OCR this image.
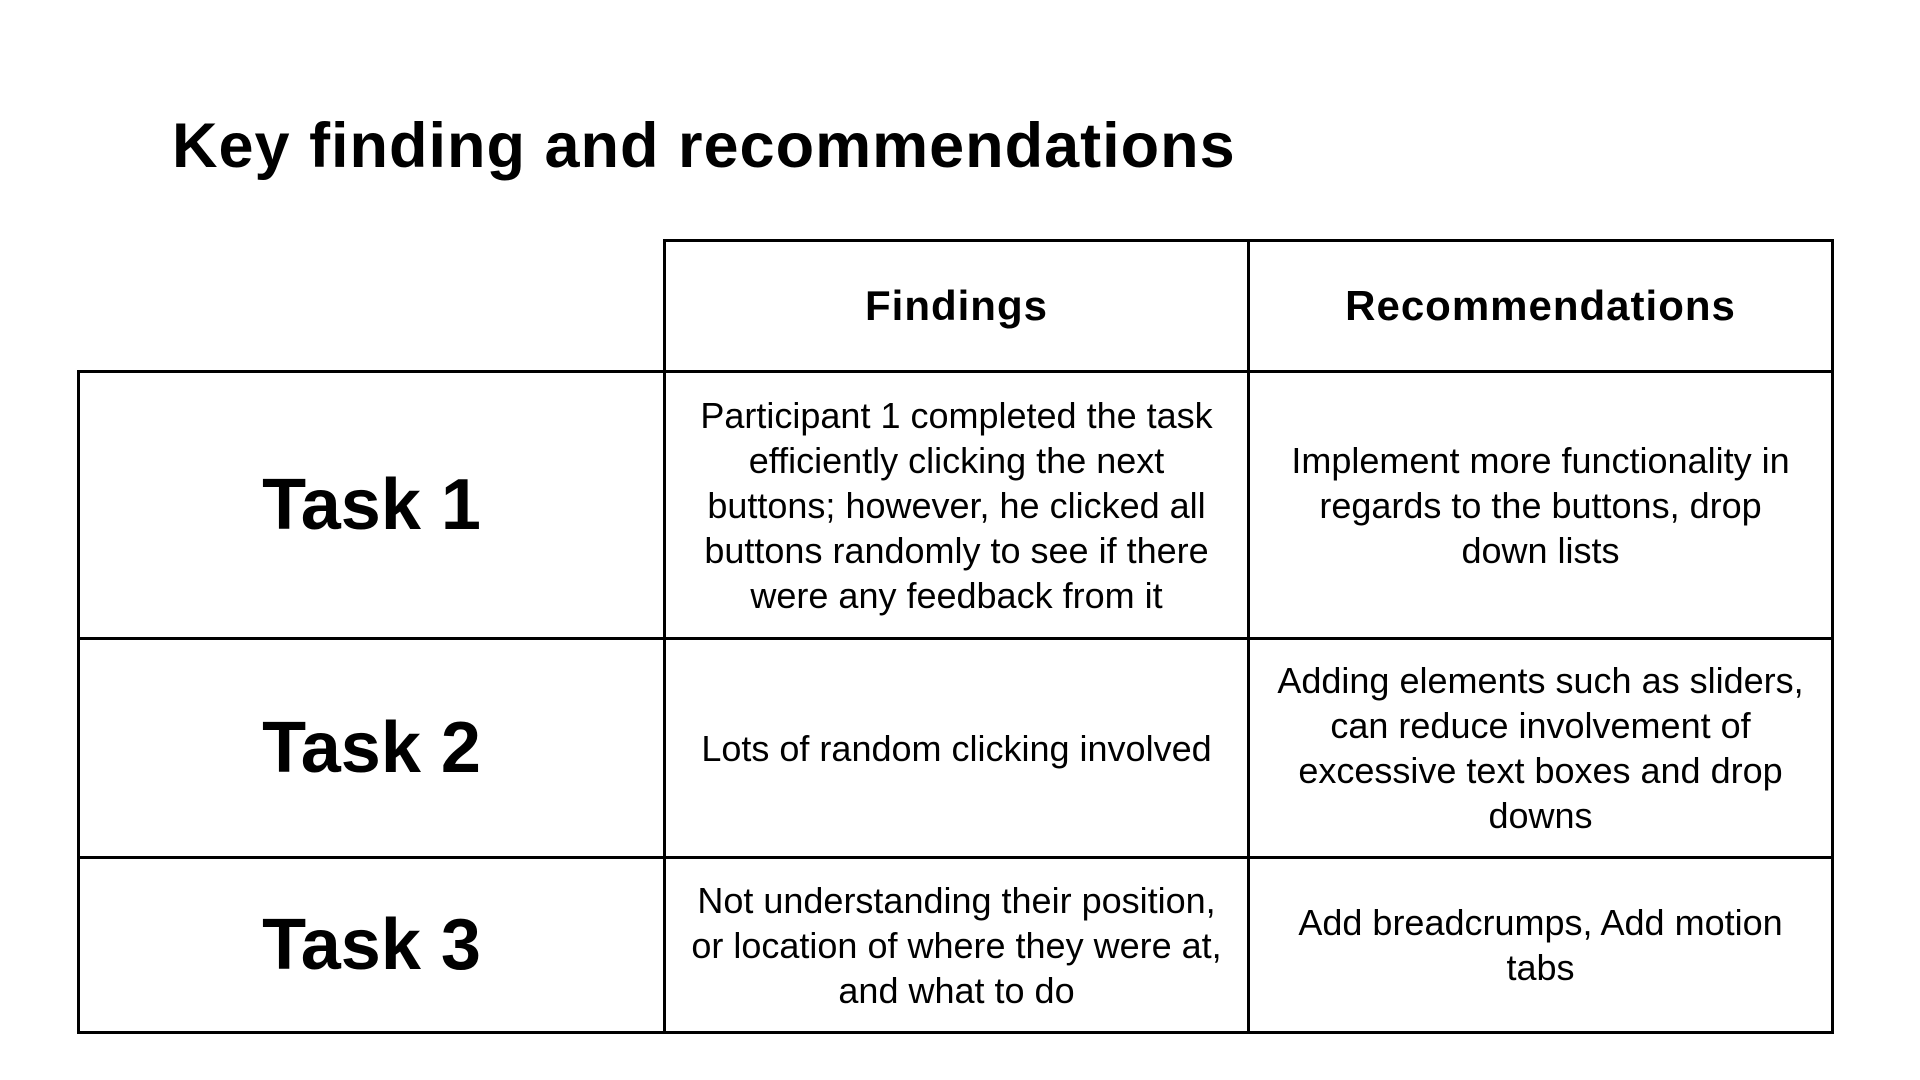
Key finding and recommendations
	Findings	Recommendations
Task 1	Participant 1 completed the task efficiently clicking the next buttons; however, he clicked all buttons randomly to see if there were any feedback from it	Implement more functionality in regards to the buttons, drop down lists
Task 2	Lots of random clicking involved	Adding elements such as sliders, can reduce involvement of excessive text boxes and drop downs
Task 3	Not understanding their position, or location of where they were at, and what to do	Add breadcrumps, Add motion tabs
